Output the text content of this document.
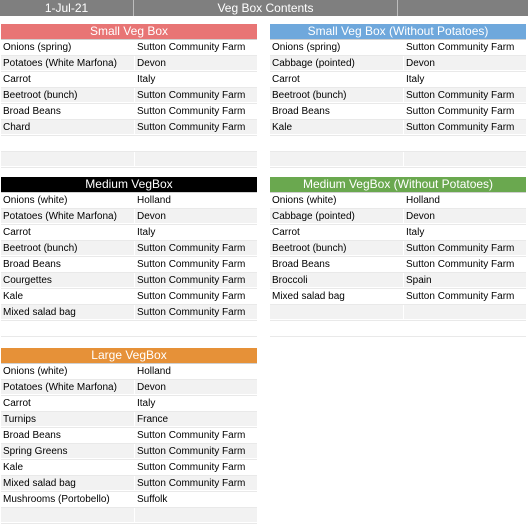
1-Jul-21	Veg Box Contents
Small Veg Box
Onions (spring)	Sutton Community Farm
Potatoes (White Marfona)	Devon
Carrot	Italy
Beetroot (bunch)	Sutton Community Farm
Broad Beans	Sutton Community Farm
Chard	Sutton Community Farm
Small Veg Box (Without Potatoes)
Onions (spring)	Sutton Community Farm
Cabbage (pointed)	Devon
Carrot	Italy
Beetroot (bunch)	Sutton Community Farm
Broad Beans	Sutton Community Farm
Kale	Sutton Community Farm
Medium VegBox
Onions (white)	Holland
Potatoes (White Marfona)	Devon
Carrot	Italy
Beetroot (bunch)	Sutton Community Farm
Broad Beans	Sutton Community Farm
Courgettes	Sutton Community Farm
Kale	Sutton Community Farm
Mixed salad bag	Sutton Community Farm
Medium VegBox (Without Potatoes)
Onions (white)	Holland
Cabbage (pointed)	Devon
Carrot	Italy
Beetroot (bunch)	Sutton Community Farm
Broad Beans	Sutton Community Farm
Broccoli	Spain
Mixed salad bag	Sutton Community Farm
Large VegBox
Onions (white)	Holland
Potatoes (White Marfona)	Devon
Carrot	Italy
Turnips	France
Broad Beans	Sutton Community Farm
Spring Greens	Sutton Community Farm
Kale	Sutton Community Farm
Mixed salad bag	Sutton Community Farm
Mushrooms (Portobello)	Suffolk
